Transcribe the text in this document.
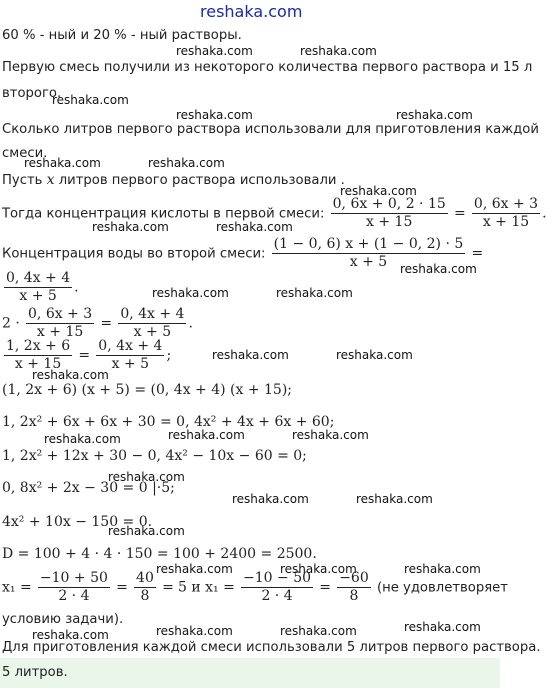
reshaka.com
reshaka.com	reshaka.com
reshaka.com
reshaka.com	reshaka.com
reshaka.com	reshaka.com
reshaka.com
reshaka.com	reshaka.com
reshaka.com
reshaka.com	reshaka.com
reshaka.com	reshaka.com
reshaka.com
reshaka.com	reshaka.com	reshaka.com
reshaka.com
reshaka.com	reshaka.com
reshaka.com
reshaka.com	reshaka.com	reshaka.com
reshaka.com	reshaka.com	reshaka.com
reshaka.com
60 % - ный и 20 % - ный растворы.
Первую смесь получили из некоторого количества первого раствора и 15 л
второго.
Сколько литров первого раствора использовали для приготовления каждой
смеси.
Пусть x литров первого раствора использовали .
Тогда концентрация кислоты в первой смеси: $\frac{0, 6x + 0, 2 \cdot 15}{x + 15} = \frac{0, 6x + 3}{x + 15}$ .
Концентрация воды во второй смеси: $\frac{(1 - 0, 6) x + (1 - 0, 2) \cdot 5}{x + 5}$ =
$\frac{0, 4x + 4}{x + 5}$ .
$2 \cdot \frac{0, 6x + 3}{x + 15} = \frac{0, 4x + 4}{x + 5}$ .
$\frac{1, 2x + 6}{x + 15} = \frac{0, 4x + 4}{x + 5}$ ;
(1, 2x + 6) (x + 5) = (0, 4x + 4) (x + 15);
1, 2x² + 6x + 6x + 30 = 0, 4x² + 4x + 6x + 60;
1, 2x² + 12x + 30 − 0, 4x² − 10x − 60 = 0;
0, 8x² + 2x − 30 = 0 |·5;
4x² + 10x − 150 = 0.
D = 100 + 4 · 4 · 150 = 100 + 2400 = 2500.
$x_1 = \frac{-10 + 50}{2 \cdot 4} = \frac{40}{8} = 5$ и $x_1 = \frac{-10 - 50}{2 \cdot 4} = \frac{-60}{8} (не$ удовлетворяет
условию задачи).
Для приготовления каждой смеси использовали 5 литров первого раствора.
5 литров.
